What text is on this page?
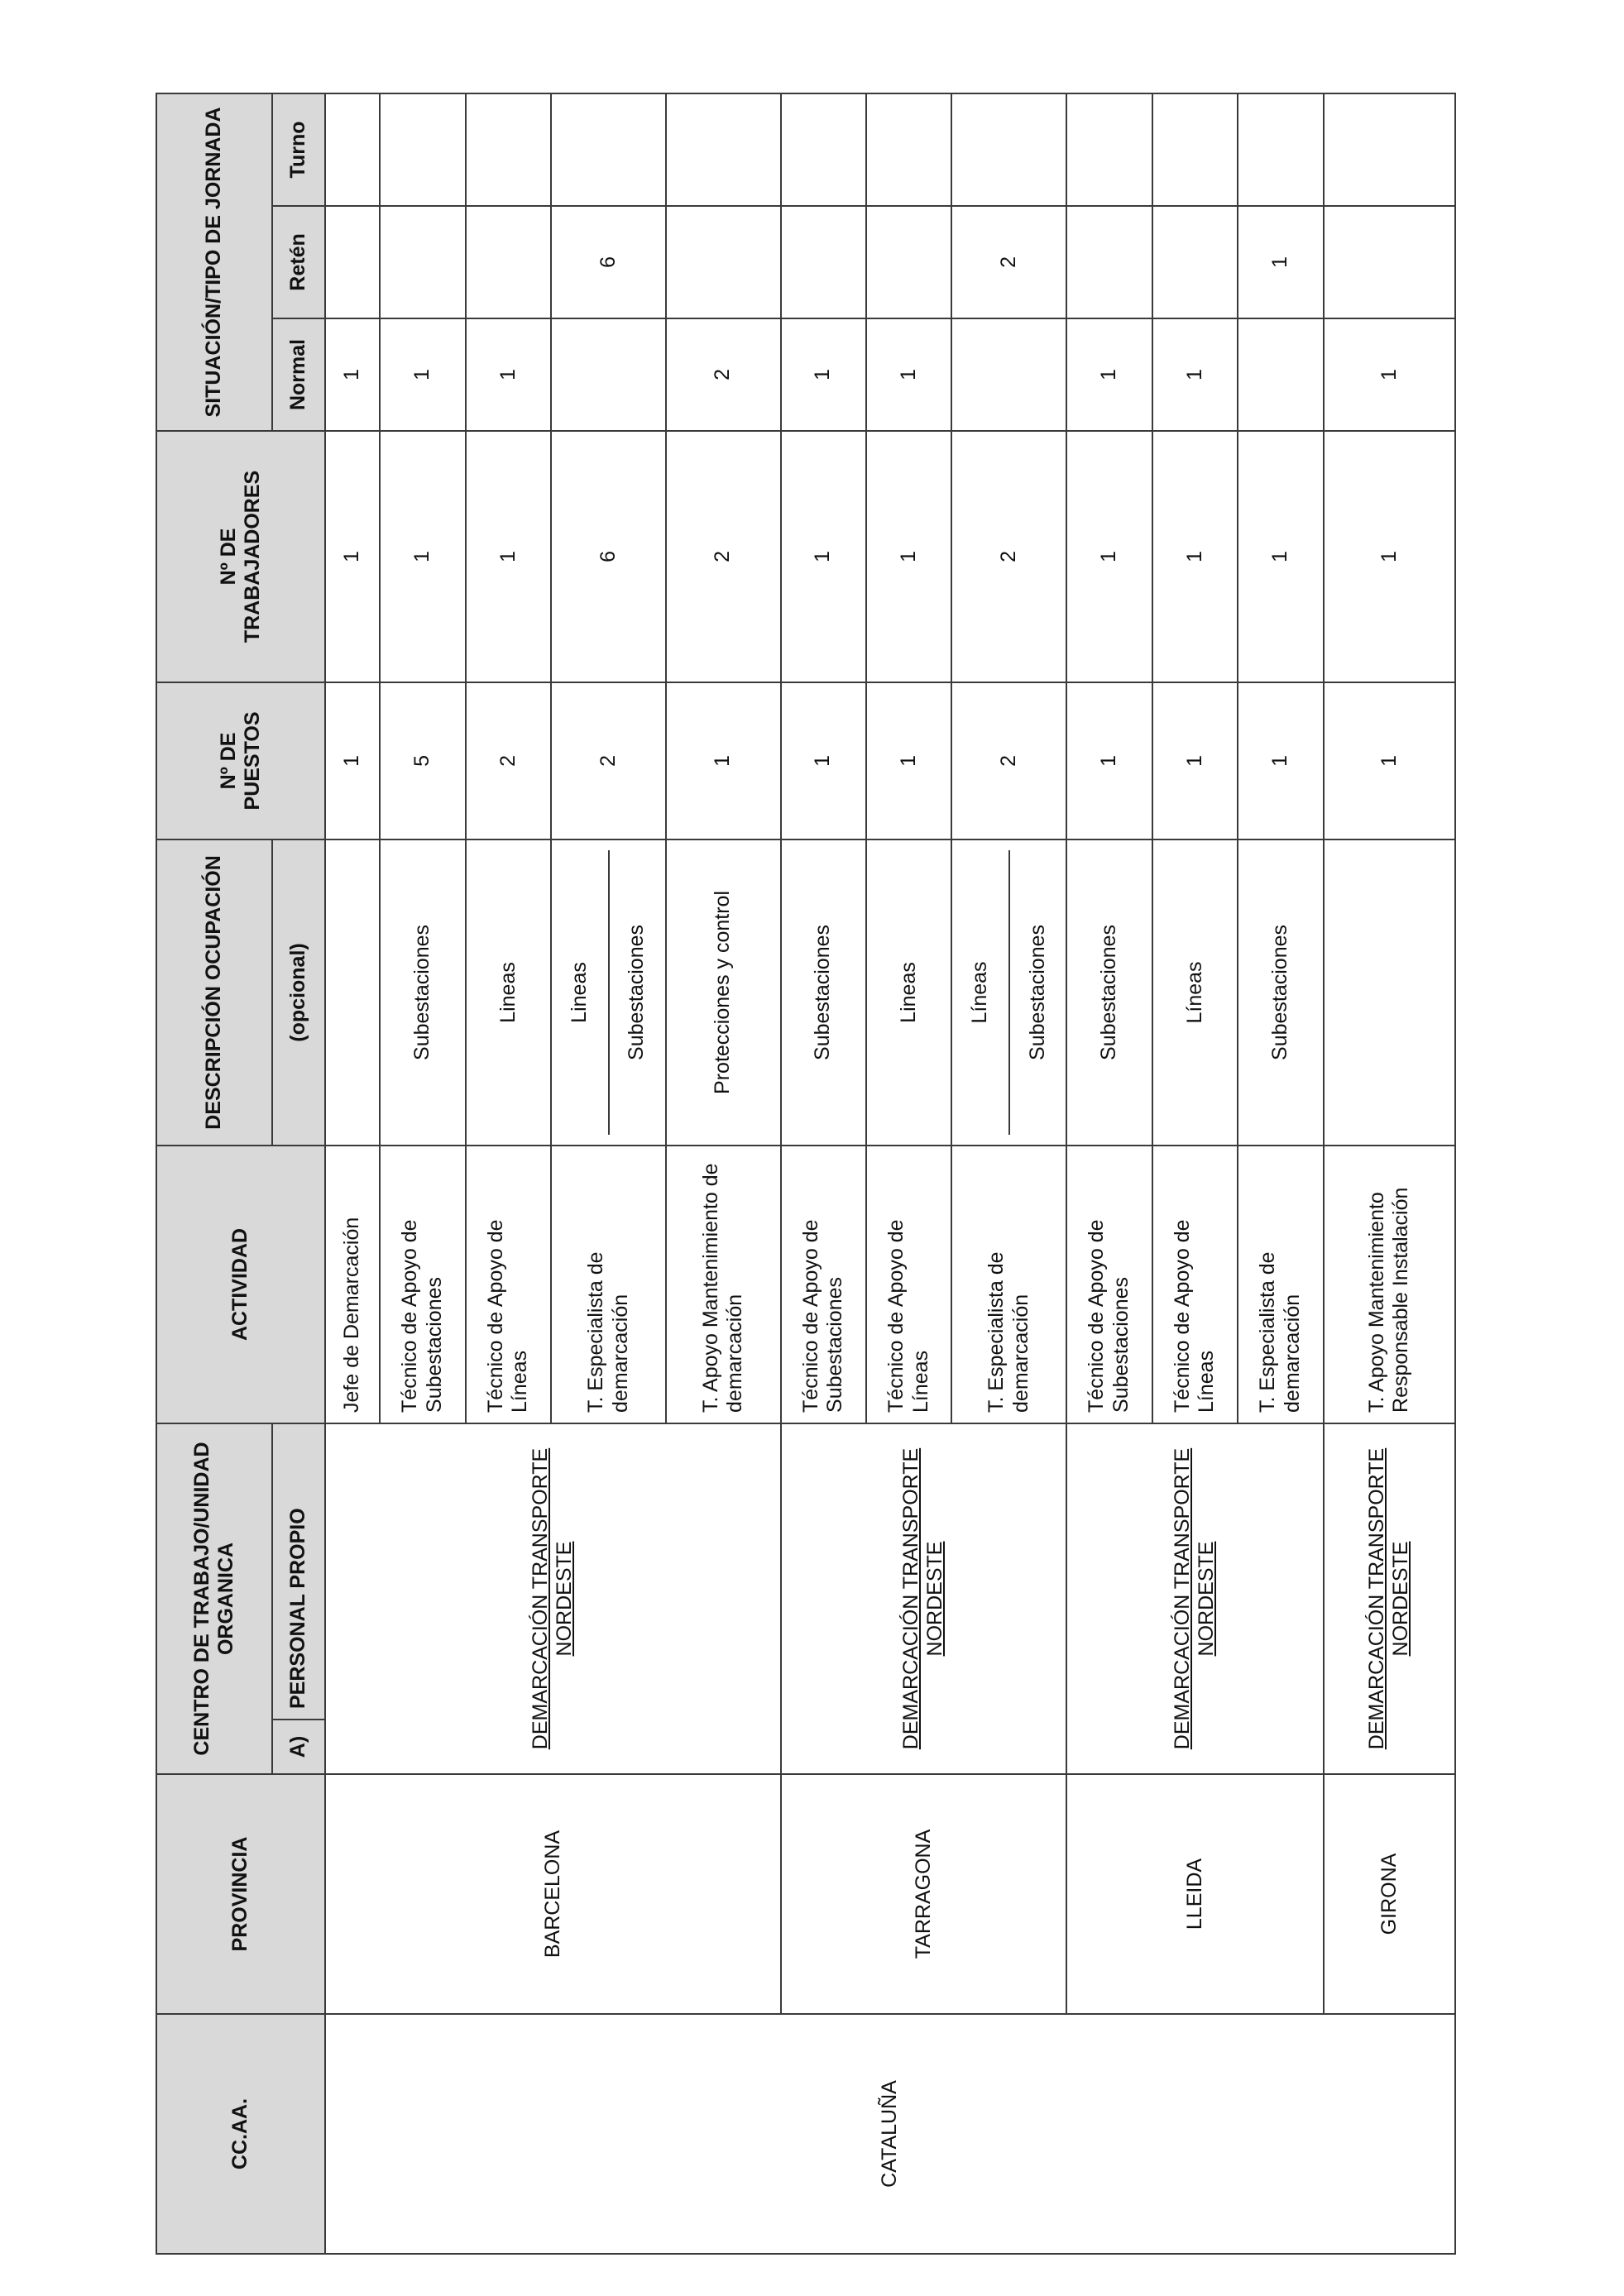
CC.AA.	PROVINCIA	CENTRO DE TRABAJO/UNIDAD ORGANICA		ACTIVIDAD	DESCRIPCIÓN OCUPACIÓN	Nº DE PUESTOS	Nº DE TRABAJADORES	SITUACIÓN/TIPO DE JORNADA		
		A)	PERSONAL PROPIO		(opcional)			Normal	Retén	Turno
CATALUÑA	BARCELONA	DEMARCACIÓN TRANSPORTE NORDESTE		Jefe de Demarcación		1	1	1		
				Técnico de Apoyo de Subestaciones	Subestaciones	5	1	1		
				Técnico de Apoyo de Líneas	Lineas	2	1	1		
				T. Especialista de demarcación	Lineas Subestaciones	2	6		6	
				T. Apoyo Mantenimiento de demarcación	Protecciones y control	1	2	2		
	TARRAGONA	DEMARCACIÓN TRANSPORTE NORDESTE		Técnico de Apoyo de Subestaciones	Subestaciones	1	1	1		
				Técnico de Apoyo de Líneas	Lineas	1	1	1		
				T. Especialista de demarcación	Líneas Subestaciones	2	2		2	
	LLEIDA	DEMARCACIÓN TRANSPORTE NORDESTE		Técnico de Apoyo de Subestaciones	Subestaciones	1	1	1		
				Técnico de Apoyo de Líneas	Líneas	1	1	1		
				T. Especialista de demarcación	Subestaciones	1	1		1	
	GIRONA	DEMARCACIÓN TRANSPORTE NORDESTE		T. Apoyo Mantenimiento Responsable Instalación		1	1	1		
